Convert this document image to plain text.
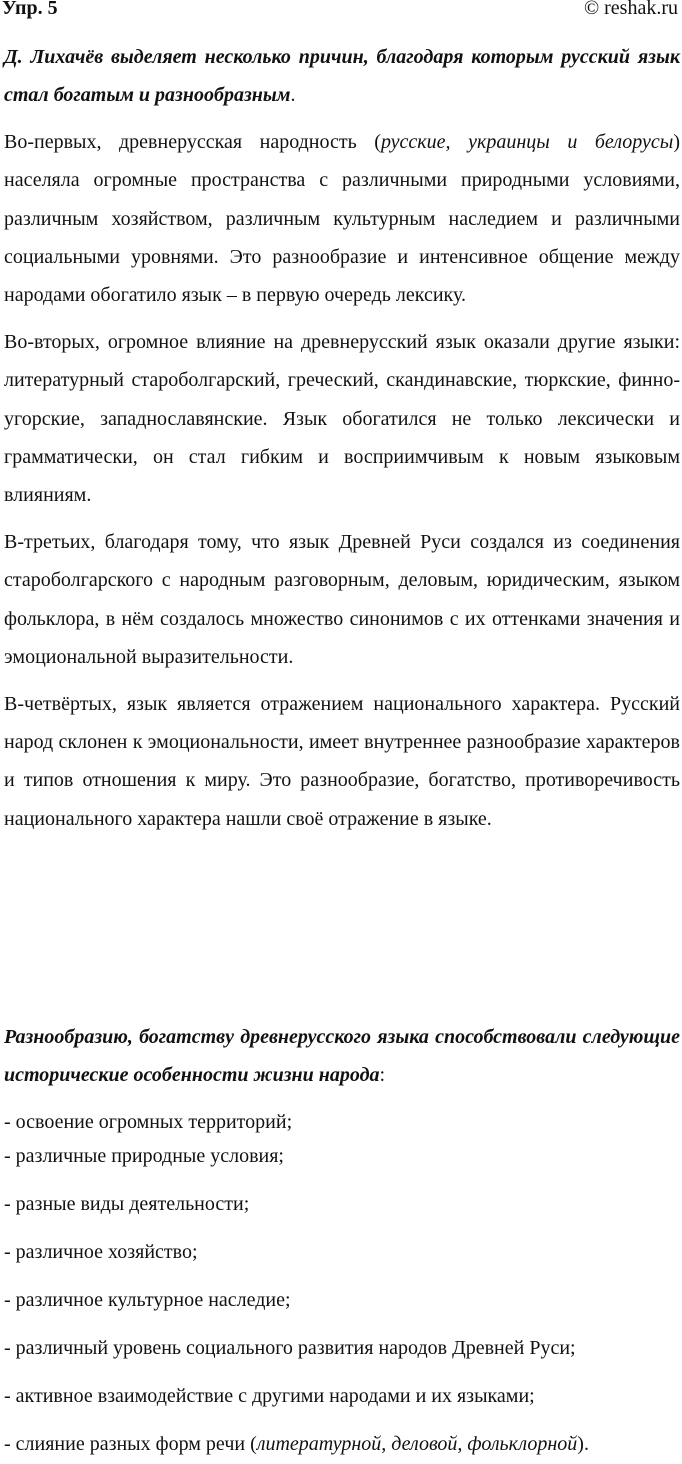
Упр. 5	© reshak.ru

Д. Лихачёв выделяет несколько причин, благодаря которым русский язык стал богатым и разнообразным.

Во-первых, древнерусская народность (русские, украинцы и белорусы) населяла огромные пространства с различными природными условиями, различным хозяйством, различным культурным наследием и различными социальными уровнями. Это разнообразие и интенсивное общение между народами обогатило язык – в первую очередь лексику.

Во-вторых, огромное влияние на древнерусский язык оказали другие языки: литературный староболгарский, греческий, скандинавские, тюркские, финно-угорские, западнославянские. Язык обогатился не только лексически и грамматически, он стал гибким и восприимчивым к новым языковым влияниям.

В-третьих, благодаря тому, что язык Древней Руси создался из соединения староболгарского с народным разговорным, деловым, юридическим, языком фольклора, в нём создалось множество синонимов с их оттенками значения и эмоциональной выразительности.

В-четвёртых, язык является отражением национального характера. Русский народ склонен к эмоциональности, имеет внутреннее разнообразие характеров и типов отношения к миру. Это разнообразие, богатство, противоречивость национального характера нашли своё отражение в языке.

Разнообразию, богатству древнерусского языка способствовали следующие исторические особенности жизни народа:

- освоение огромных территорий;
- различные природные условия;
- разные виды деятельности;
- различное хозяйство;
- различное культурное наследие;
- различный уровень социального развития народов Древней Руси;
- активное взаимодействие с другими народами и их языками;
- слияние разных форм речи (литературной, деловой, фольклорной).
